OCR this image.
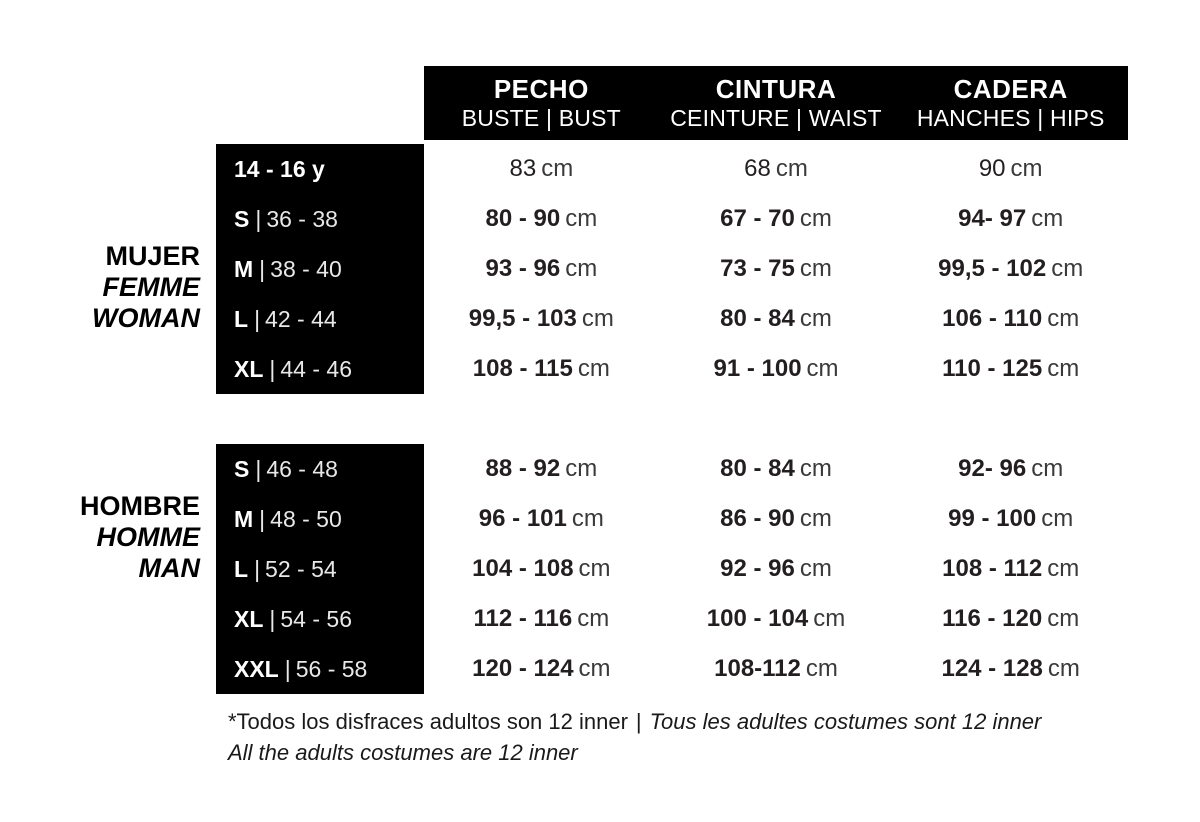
PECHO
BUSTE | BUST
CINTURA
CEINTURE | WAIST
CADERA
HANCHES | HIPS
MUJER
FEMME
WOMAN
14 - 16 y	83 cm	68 cm	90 cm
S | 36 - 38	80 - 90 cm	67 - 70 cm	94- 97 cm
M | 38 - 40	93 - 96 cm	73 - 75 cm	99,5 - 102 cm
L | 42 - 44	99,5 - 103 cm	80 - 84 cm	106 - 110 cm
XL | 44 - 46	108 - 115 cm	91 - 100 cm	110 - 125 cm
HOMBRE
HOMME
MAN
S | 46 - 48	88 - 92 cm	80 - 84 cm	92- 96 cm
M | 48 - 50	96 - 101 cm	86 - 90 cm	99 - 100 cm
L | 52 - 54	104 - 108 cm	92 - 96 cm	108 - 112 cm
XL | 54 - 56	112 - 116 cm	100 - 104 cm	116 - 120 cm
XXL | 56 - 58	120 - 124 cm	108-112 cm	124 - 128 cm
*Todos los disfraces adultos son 12 inner | Tous les adultes costumes sont 12 inner
All the adults costumes are 12 inner
